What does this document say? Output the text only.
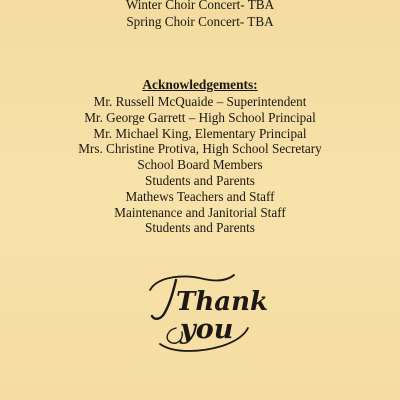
Winter Choir Concert- TBA
Spring Choir Concert- TBA
Acknowledgements:
Mr. Russell McQuaide – Superintendent
Mr. George Garrett – High School Principal
Mr. Michael King, Elementary Principal
Mrs. Christine Protiva, High School Secretary
School Board Members
Students and Parents
Mathews Teachers and Staff
Maintenance and Janitorial Staff
Students and Parents
Thank
you
